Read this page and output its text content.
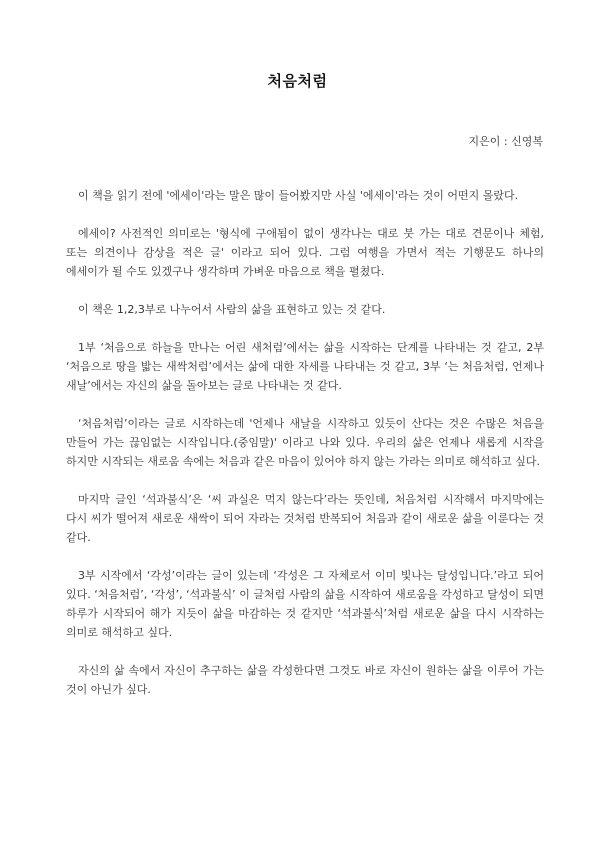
처음처럼
지은이 : 신영복

이 책을 읽기 전에 '에세이'라는 말은 많이 들어봤지만 사실 '에세이'라는 것이 어떤지 몰랐다.

에세이? 사전적인 의미로는 '형식에 구애됨이 없이 생각나는 대로 붓 가는 대로 견문이나 체험, 또는 의견이나 감상을 적은 글' 이라고 되어 있다. 그럼 여행을 가면서 적는 기행문도 하나의 에세이가 될 수도 있겠구나 생각하며 가벼운 마음으로 책을 펼쳤다.

이 책은 1,2,3부로 나누어서 사람의 삶을 표현하고 있는 것 같다.

1부 ‘처음으로 하늘을 만나는 어린 새처럼’에서는 삶을 시작하는 단계를 나타내는 것 같고, 2부 ‘처음으로 땅을 밟는 새싹처럼’에서는 삶에 대한 자세를 나타내는 것 같고, 3부 ‘는 처음처럼, 언제나 새날’에서는 자신의 삶을 돌아보는 글로 나타내는 것 같다.

‘처음처럼’이라는 글로 시작하는데 '언제나 새날을 시작하고 있듯이 산다는 것은 수많은 처음을 만들어 가는 끊임없는 시작입니다.(중임말)' 이라고 나와 있다. 우리의 삶은 언제나 새롭게 시작을 하지만 시작되는 새로움 속에는 처음과 같은 마음이 있어야 하지 않는 가라는 의미로 해석하고 싶다.

마지막 글인 ‘석과불식’은 ‘씨 과실은 먹지 않는다’라는 뜻인데, 처음처럼 시작해서 마지막에는 다시 씨가 떨어져 새로운 새싹이 되어 자라는 것처럼 반복되어 처음과 같이 새로운 삶을 이룬다는 것 같다.

3부 시작에서 ‘각성’이라는 글이 있는데 ‘각성은 그 자체로서 이미 빛나는 달성입니다.’라고 되어 있다. ‘처음처럼’, ‘각성’, ‘석과불식’ 이 글처럼 사람의 삶을 시작하여 새로움을 각성하고 달성이 되면 하루가 시작되어 해가 지듯이 삶을 마감하는 것 같지만 ‘석과불식’처럼 새로운 삶을 다시 시작하는 의미로 해석하고 싶다.

자신의 삶 속에서 자신이 추구하는 삶을 각성한다면 그것도 바로 자신이 원하는 삶을 이루어 가는 것이 아닌가 싶다.
